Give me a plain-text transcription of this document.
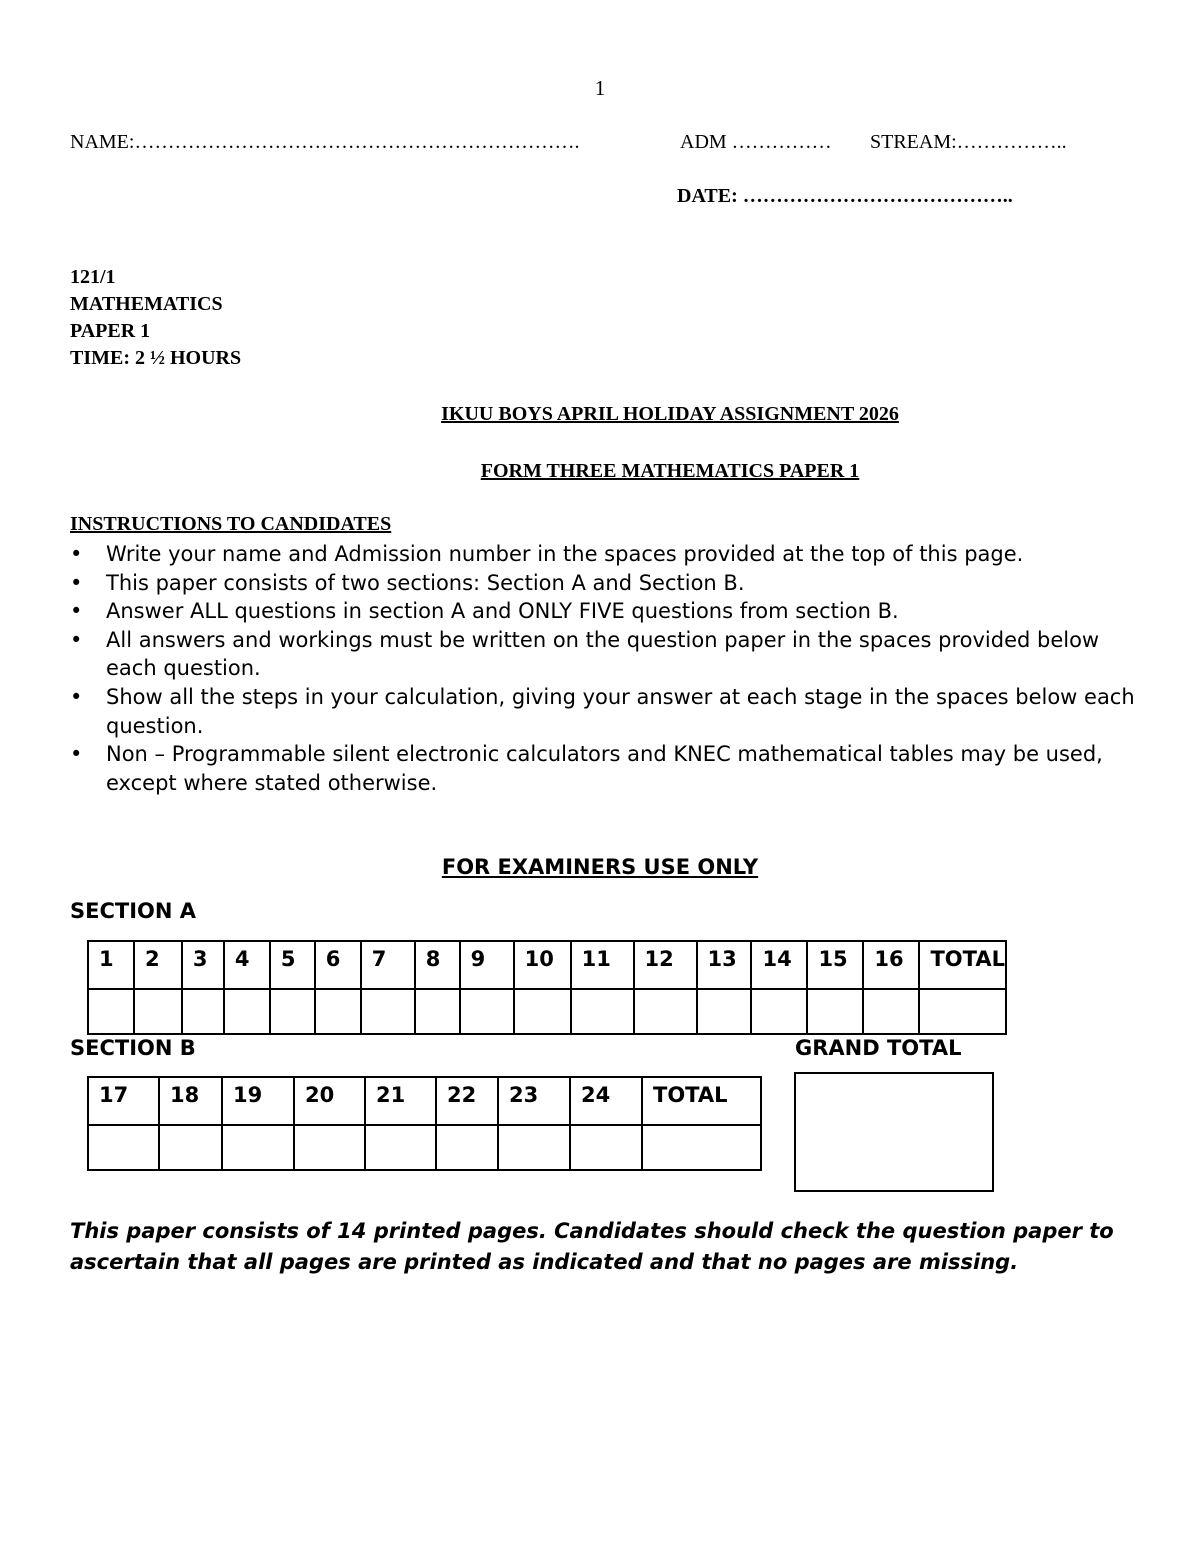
1
NAME:………………………………………………………….	ADM …………… STREAM:……………..
DATE: …………………………………..
121/1
MATHEMATICS
PAPER 1
TIME: 2 ½ HOURS
IKUU BOYS APRIL HOLIDAY ASSIGNMENT 2026
FORM THREE MATHEMATICS PAPER 1
INSTRUCTIONS TO CANDIDATES
• Write your name and Admission number in the spaces provided at the top of this page.
• This paper consists of two sections: Section A and Section B.
• Answer ALL questions in section A and ONLY FIVE questions from section B.
• All answers and workings must be written on the question paper in the spaces provided below each question.
• Show all the steps in your calculation, giving your answer at each stage in the spaces below each question.
• Non – Programmable silent electronic calculators and KNEC mathematical tables may be used, except where stated otherwise.
FOR EXAMINERS USE ONLY
SECTION A
1	2	3	4	5	6	7	8	9	10	11	12	13	14	15	16	TOTAL

SECTION B	GRAND TOTAL
17	18	19	20	21	22	23	24	TOTAL

This paper consists of 14 printed pages. Candidates should check the question paper to ascertain that all pages are printed as indicated and that no pages are missing.
